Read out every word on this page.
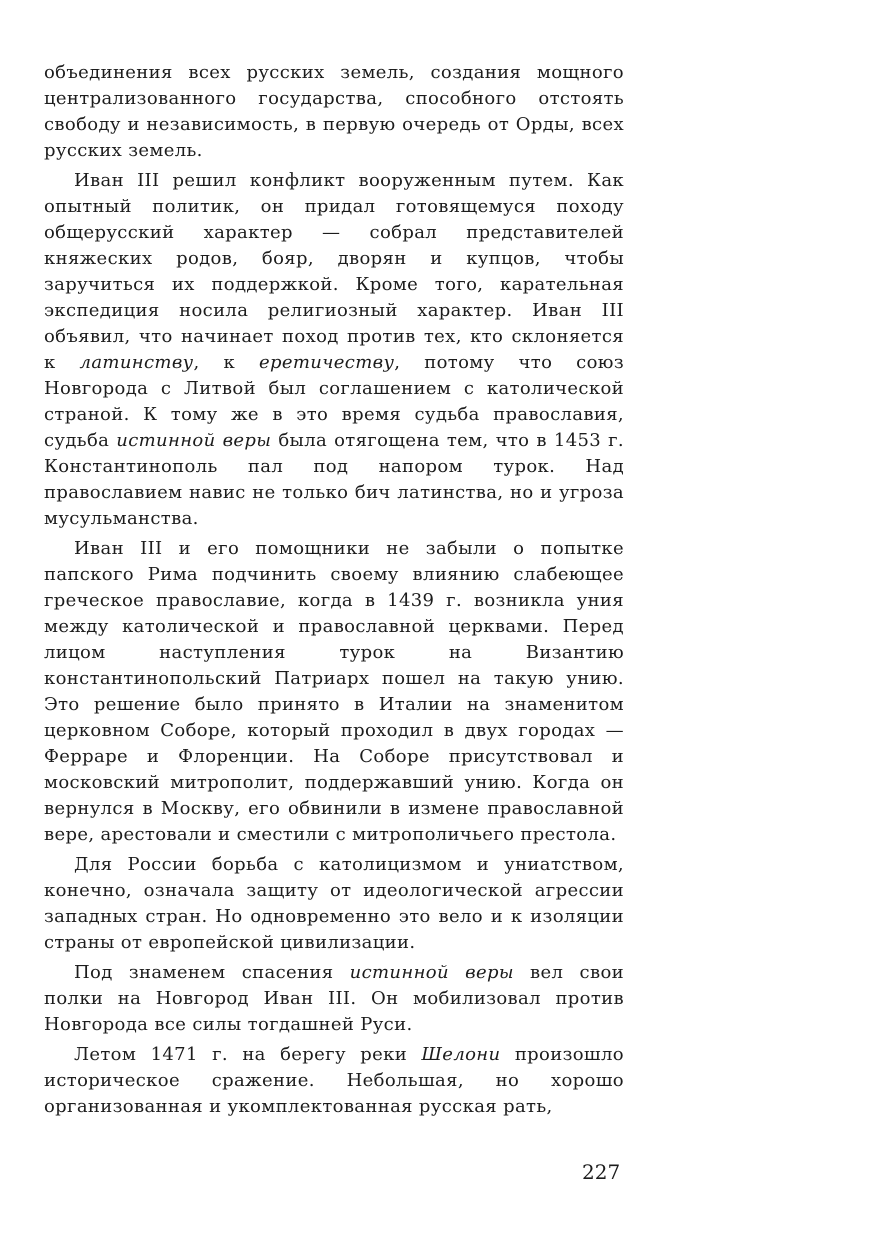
объединения всех русских земель, создания мощного централизованного государства, способного отстоять свободу и независимость, в первую очередь от Орды, всех русских земель.

Иван III решил конфликт вооруженным путем. Как опытный политик, он придал готовящемуся походу общерусский характер — собрал представителей княжеских родов, бояр, дворян и купцов, чтобы заручиться их поддержкой. Кроме того, карательная экспедиция носила религиозный характер. Иван III объявил, что начинает поход против тех, кто склоняется к латинству, к еретичеству, потому что союз Новгорода с Литвой был соглашением с католической страной. К тому же в это время судьба православия, судьба истинной веры была отягощена тем, что в 1453 г. Константинополь пал под напором турок. Над православием навис не только бич латинства, но и угроза мусульманства.

Иван III и его помощники не забыли о попытке папского Рима подчинить своему влиянию слабеющее греческое православие, когда в 1439 г. возникла уния между католической и православной церквами. Перед лицом наступления турок на Византию константинопольский Патриарх пошел на такую унию. Это решение было принято в Италии на знаменитом церковном Соборе, который проходил в двух городах — Ферраре и Флоренции. На Соборе присутствовал и московский митрополит, поддержавший унию. Когда он вернулся в Москву, его обвинили в измене православной вере, арестовали и сместили с митрополичьего престола.

Для России борьба с католицизмом и униатством, конечно, означала защиту от идеологической агрессии западных стран. Но одновременно это вело и к изоляции страны от европейской цивилизации.

Под знаменем спасения истинной веры вел свои полки на Новгород Иван III. Он мобилизовал против Новгорода все силы тогдашней Руси.

Летом 1471 г. на берегу реки Шелони произошло историческое сражение. Небольшая, но хорошо организованная и укомплектованная русская рать,

227
